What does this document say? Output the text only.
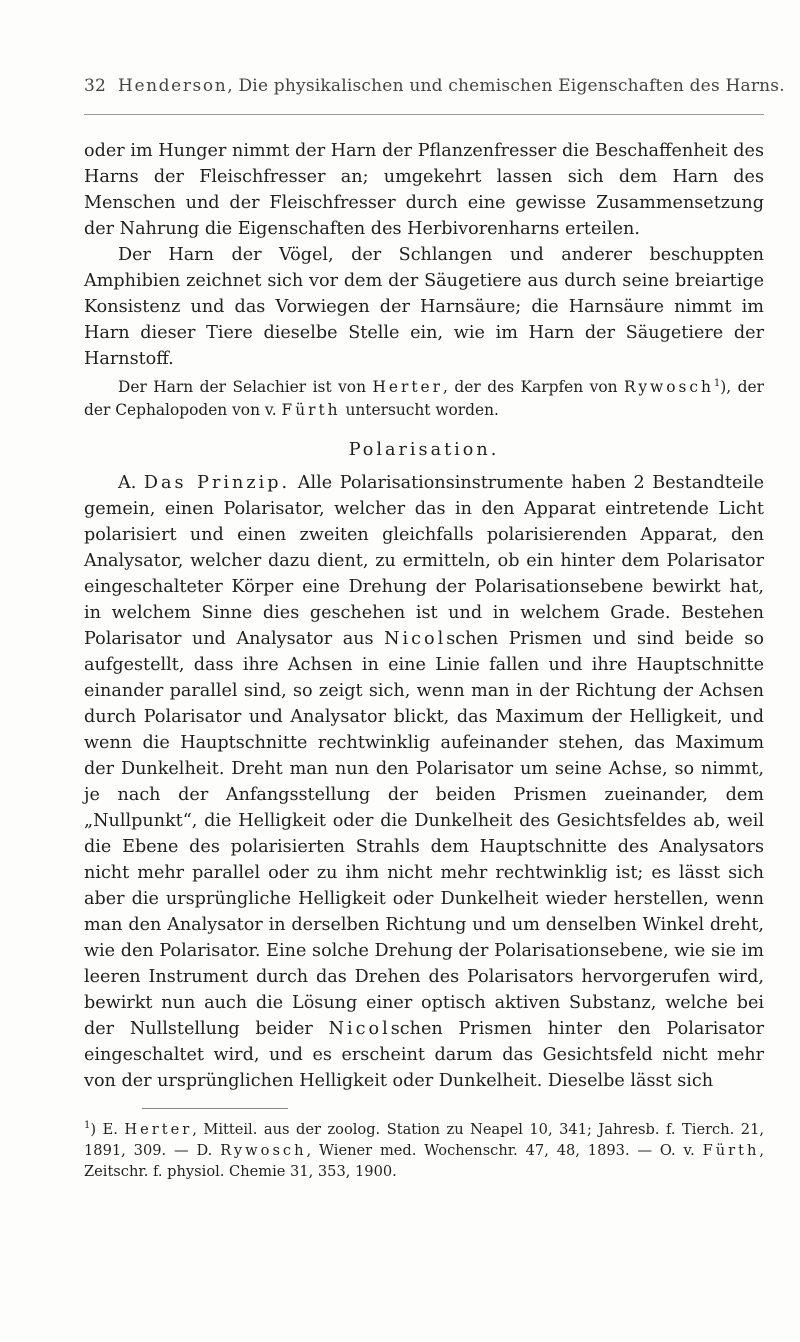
32 Henderson, Die physikalischen und chemischen Eigenschaften des Harns.

oder im Hunger nimmt der Harn der Pflanzenfresser die Beschaffenheit des Harns der Fleischfresser an; umgekehrt lassen sich dem Harn des Menschen und der Fleischfresser durch eine gewisse Zusammensetzung der Nahrung die Eigenschaften des Herbivorenharns erteilen.

Der Harn der Vögel, der Schlangen und anderer beschuppten Amphibien zeichnet sich vor dem der Säugetiere aus durch seine breiartige Konsistenz und das Vorwiegen der Harnsäure; die Harnsäure nimmt im Harn dieser Tiere dieselbe Stelle ein, wie im Harn der Säugetiere der Harnstoff.

Der Harn der Selachier ist von Herter, der des Karpfen von Rywosch$^1$), der der Cephalopoden von v. Fürth untersucht worden.

Polarisation.

A. Das Prinzip. Alle Polarisationsinstrumente haben 2 Bestandteile gemein, einen Polarisator, welcher das in den Apparat eintretende Licht polarisiert und einen zweiten gleichfalls polarisierenden Apparat, den Analysator, welcher dazu dient, zu ermitteln, ob ein hinter dem Polarisator eingeschalteter Körper eine Drehung der Polarisationsebene bewirkt hat, in welchem Sinne dies geschehen ist und in welchem Grade. Bestehen Polarisator und Analysator aus Nicolschen Prismen und sind beide so aufgestellt, dass ihre Achsen in eine Linie fallen und ihre Hauptschnitte einander parallel sind, so zeigt sich, wenn man in der Richtung der Achsen durch Polarisator und Analysator blickt, das Maximum der Helligkeit, und wenn die Hauptschnitte rechtwinklig aufeinander stehen, das Maximum der Dunkelheit. Dreht man nun den Polarisator um seine Achse, so nimmt, je nach der Anfangsstellung der beiden Prismen zueinander, dem „Nullpunkt“, die Helligkeit oder die Dunkelheit des Gesichtsfeldes ab, weil die Ebene des polarisierten Strahls dem Hauptschnitte des Analysators nicht mehr parallel oder zu ihm nicht mehr rechtwinklig ist; es lässt sich aber die ursprüngliche Helligkeit oder Dunkelheit wieder herstellen, wenn man den Analysator in derselben Richtung und um denselben Winkel dreht, wie den Polarisator. Eine solche Drehung der Polarisationsebene, wie sie im leeren Instrument durch das Drehen des Polarisators hervorgerufen wird, bewirkt nun auch die Lösung einer optisch aktiven Substanz, welche bei der Nullstellung beider Nicolschen Prismen hinter den Polarisator eingeschaltet wird, und es erscheint darum das Gesichtsfeld nicht mehr von der ursprünglichen Helligkeit oder Dunkelheit. Dieselbe lässt sich

$^1$) E. Herter, Mitteil. aus der zoolog. Station zu Neapel 10, 341; Jahresb. f. Tierch. 21, 1891, 309. — D. Rywosch, Wiener med. Wochenschr. 47, 48, 1893. — O. v. Fürth, Zeitschr. f. physiol. Chemie 31, 353, 1900.
